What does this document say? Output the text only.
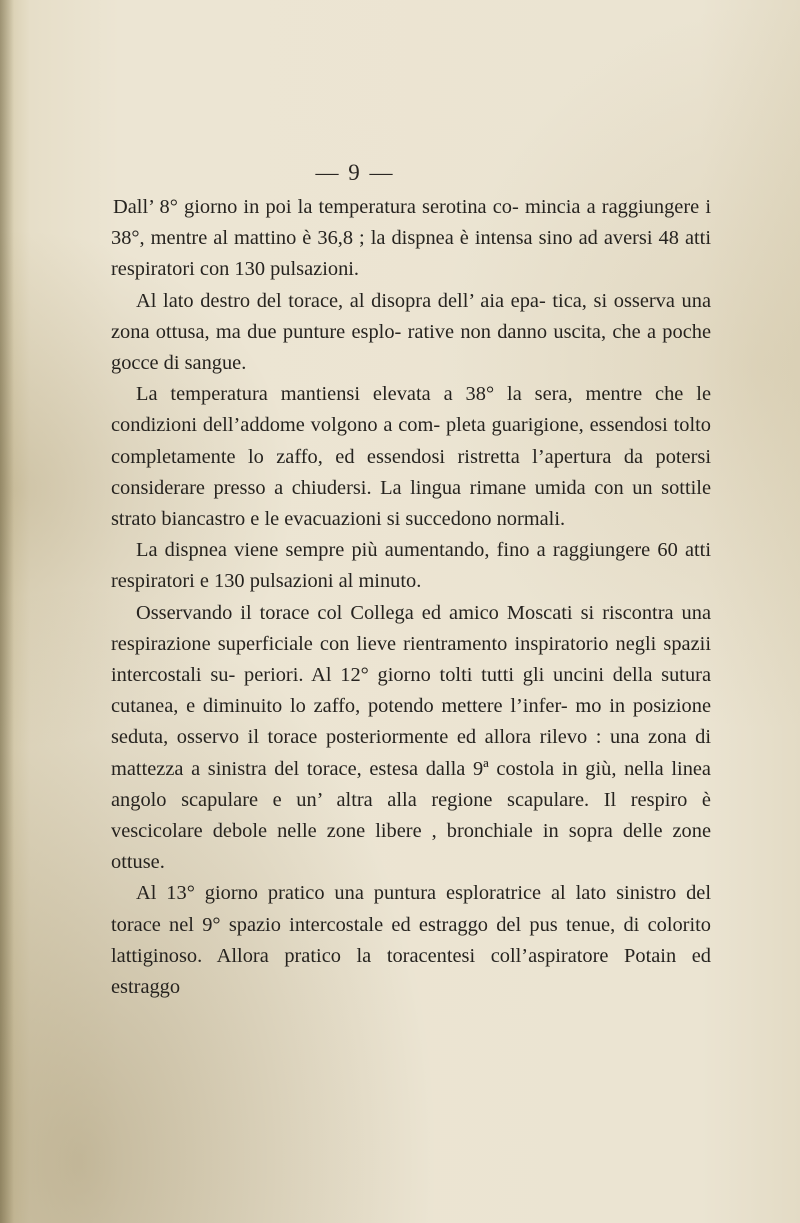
— 9 —

Dall’ 8° giorno in poi la temperatura serotina co- mincia a raggiungere i 38°, mentre al mattino è 36,8 ; la dispnea è intensa sino ad aversi 48 atti respiratori con 130 pulsazioni.

Al lato destro del torace, al disopra dell’ aia epa- tica, si osserva una zona ottusa, ma due punture esplo- rative non danno uscita, che a poche gocce di sangue.

La temperatura mantiensi elevata a 38° la sera, mentre che le condizioni dell’addome volgono a com- pleta guarigione, essendosi tolto completamente lo zaffo, ed essendosi ristretta l’apertura da potersi considerare presso a chiudersi. La lingua rimane umida con un sottile strato biancastro e le evacuazioni si succedono normali.

La dispnea viene sempre più aumentando, fino a raggiungere 60 atti respiratori e 130 pulsazioni al minuto.

Osservando il torace col Collega ed amico Moscati si riscontra una respirazione superficiale con lieve rientramento inspiratorio negli spazii intercostali su- periori. Al 12° giorno tolti tutti gli uncini della sutura cutanea, e diminuito lo zaffo, potendo mettere l’infer- mo in posizione seduta, osservo il torace posteriormente ed allora rilevo : una zona di mattezza a sinistra del torace, estesa dalla 9ª costola in giù, nella linea angolo scapulare e un’ altra alla regione scapulare. Il respiro è vescicolare debole nelle zone libere , bronchiale in sopra delle zone ottuse.

Al 13° giorno pratico una puntura esploratrice al lato sinistro del torace nel 9° spazio intercostale ed estraggo del pus tenue, di colorito lattiginoso. Allora pratico la toracentesi coll’aspiratore Potain ed estraggo
